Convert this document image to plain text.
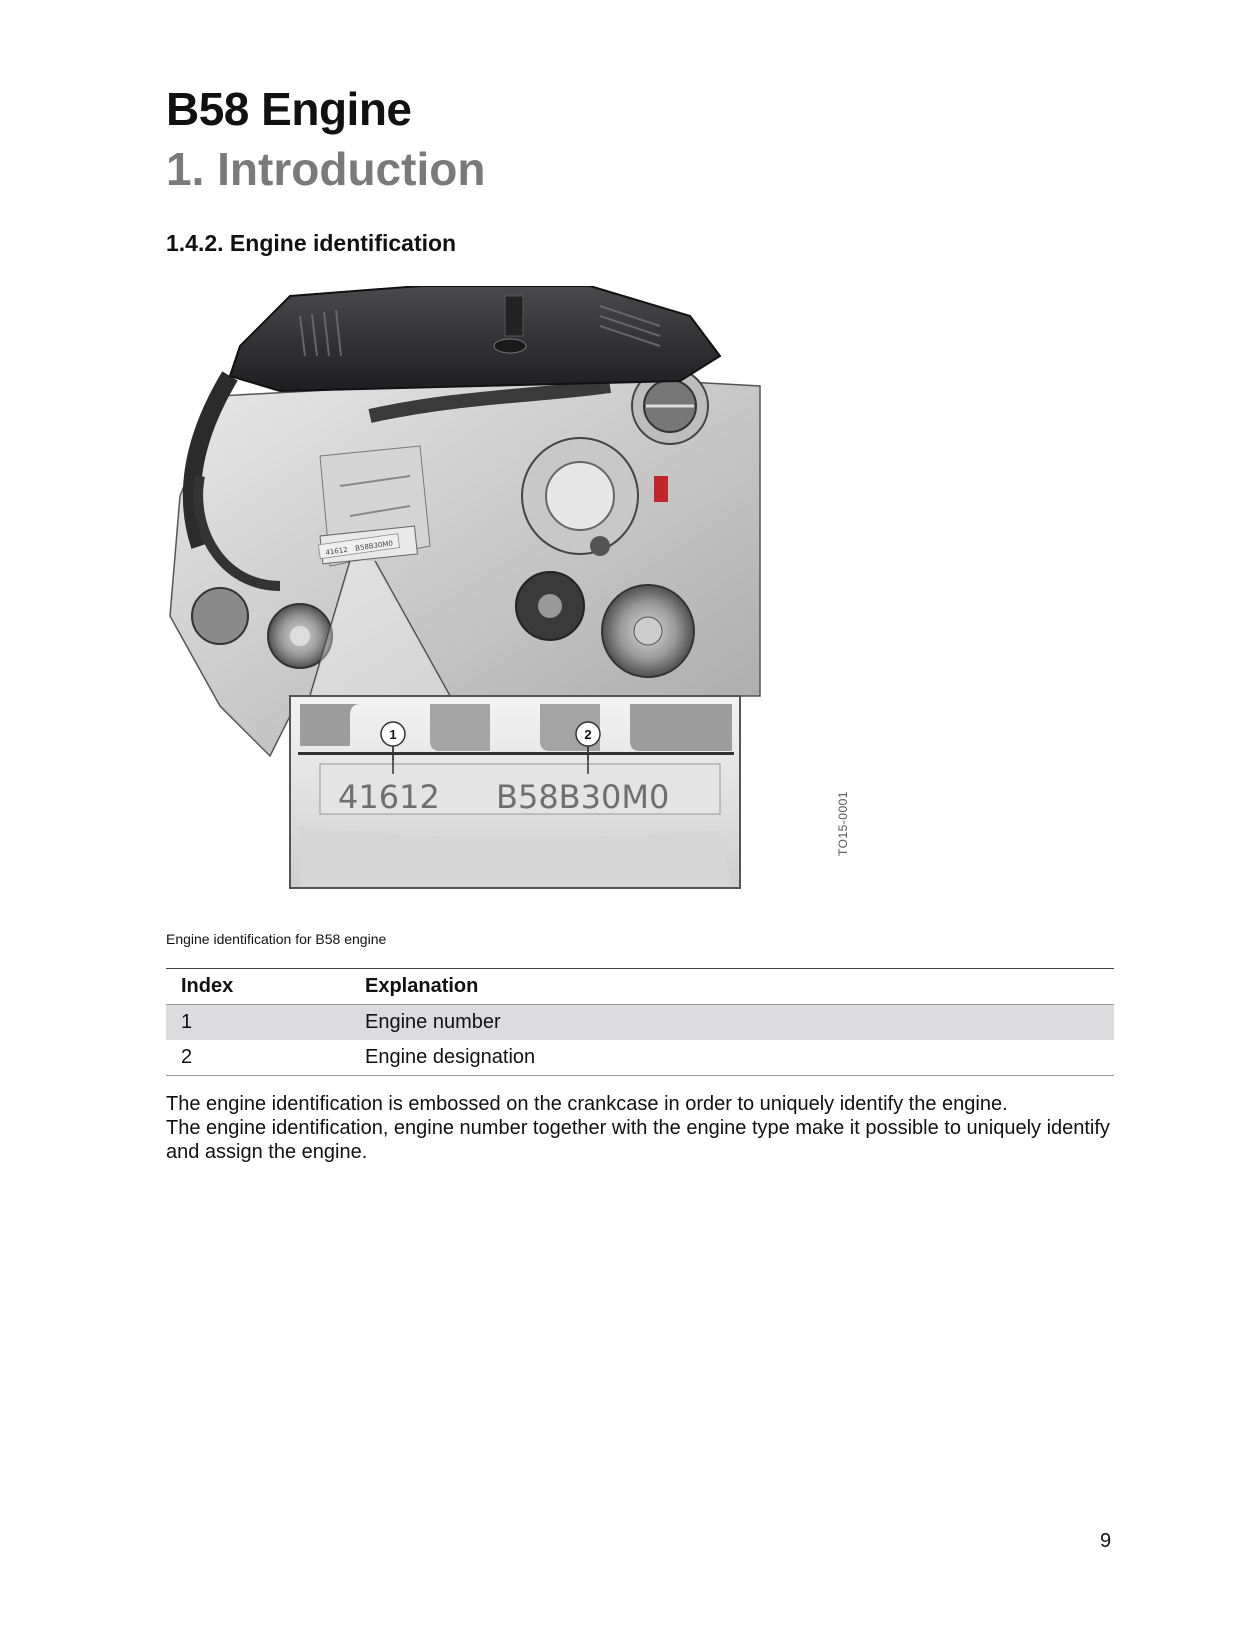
B58 Engine
1. Introduction
1.4.2. Engine identification
41612 B58B30M0
1	2
41612 B58B30M0	TO15-0001
Engine identification for B58 engine
Index	Explanation
1	Engine number
2	Engine designation
The engine identification is embossed on the crankcase in order to uniquely identify the engine.
The engine identification, engine number together with the engine type make it possible to uniquely identify and assign the engine.
9
